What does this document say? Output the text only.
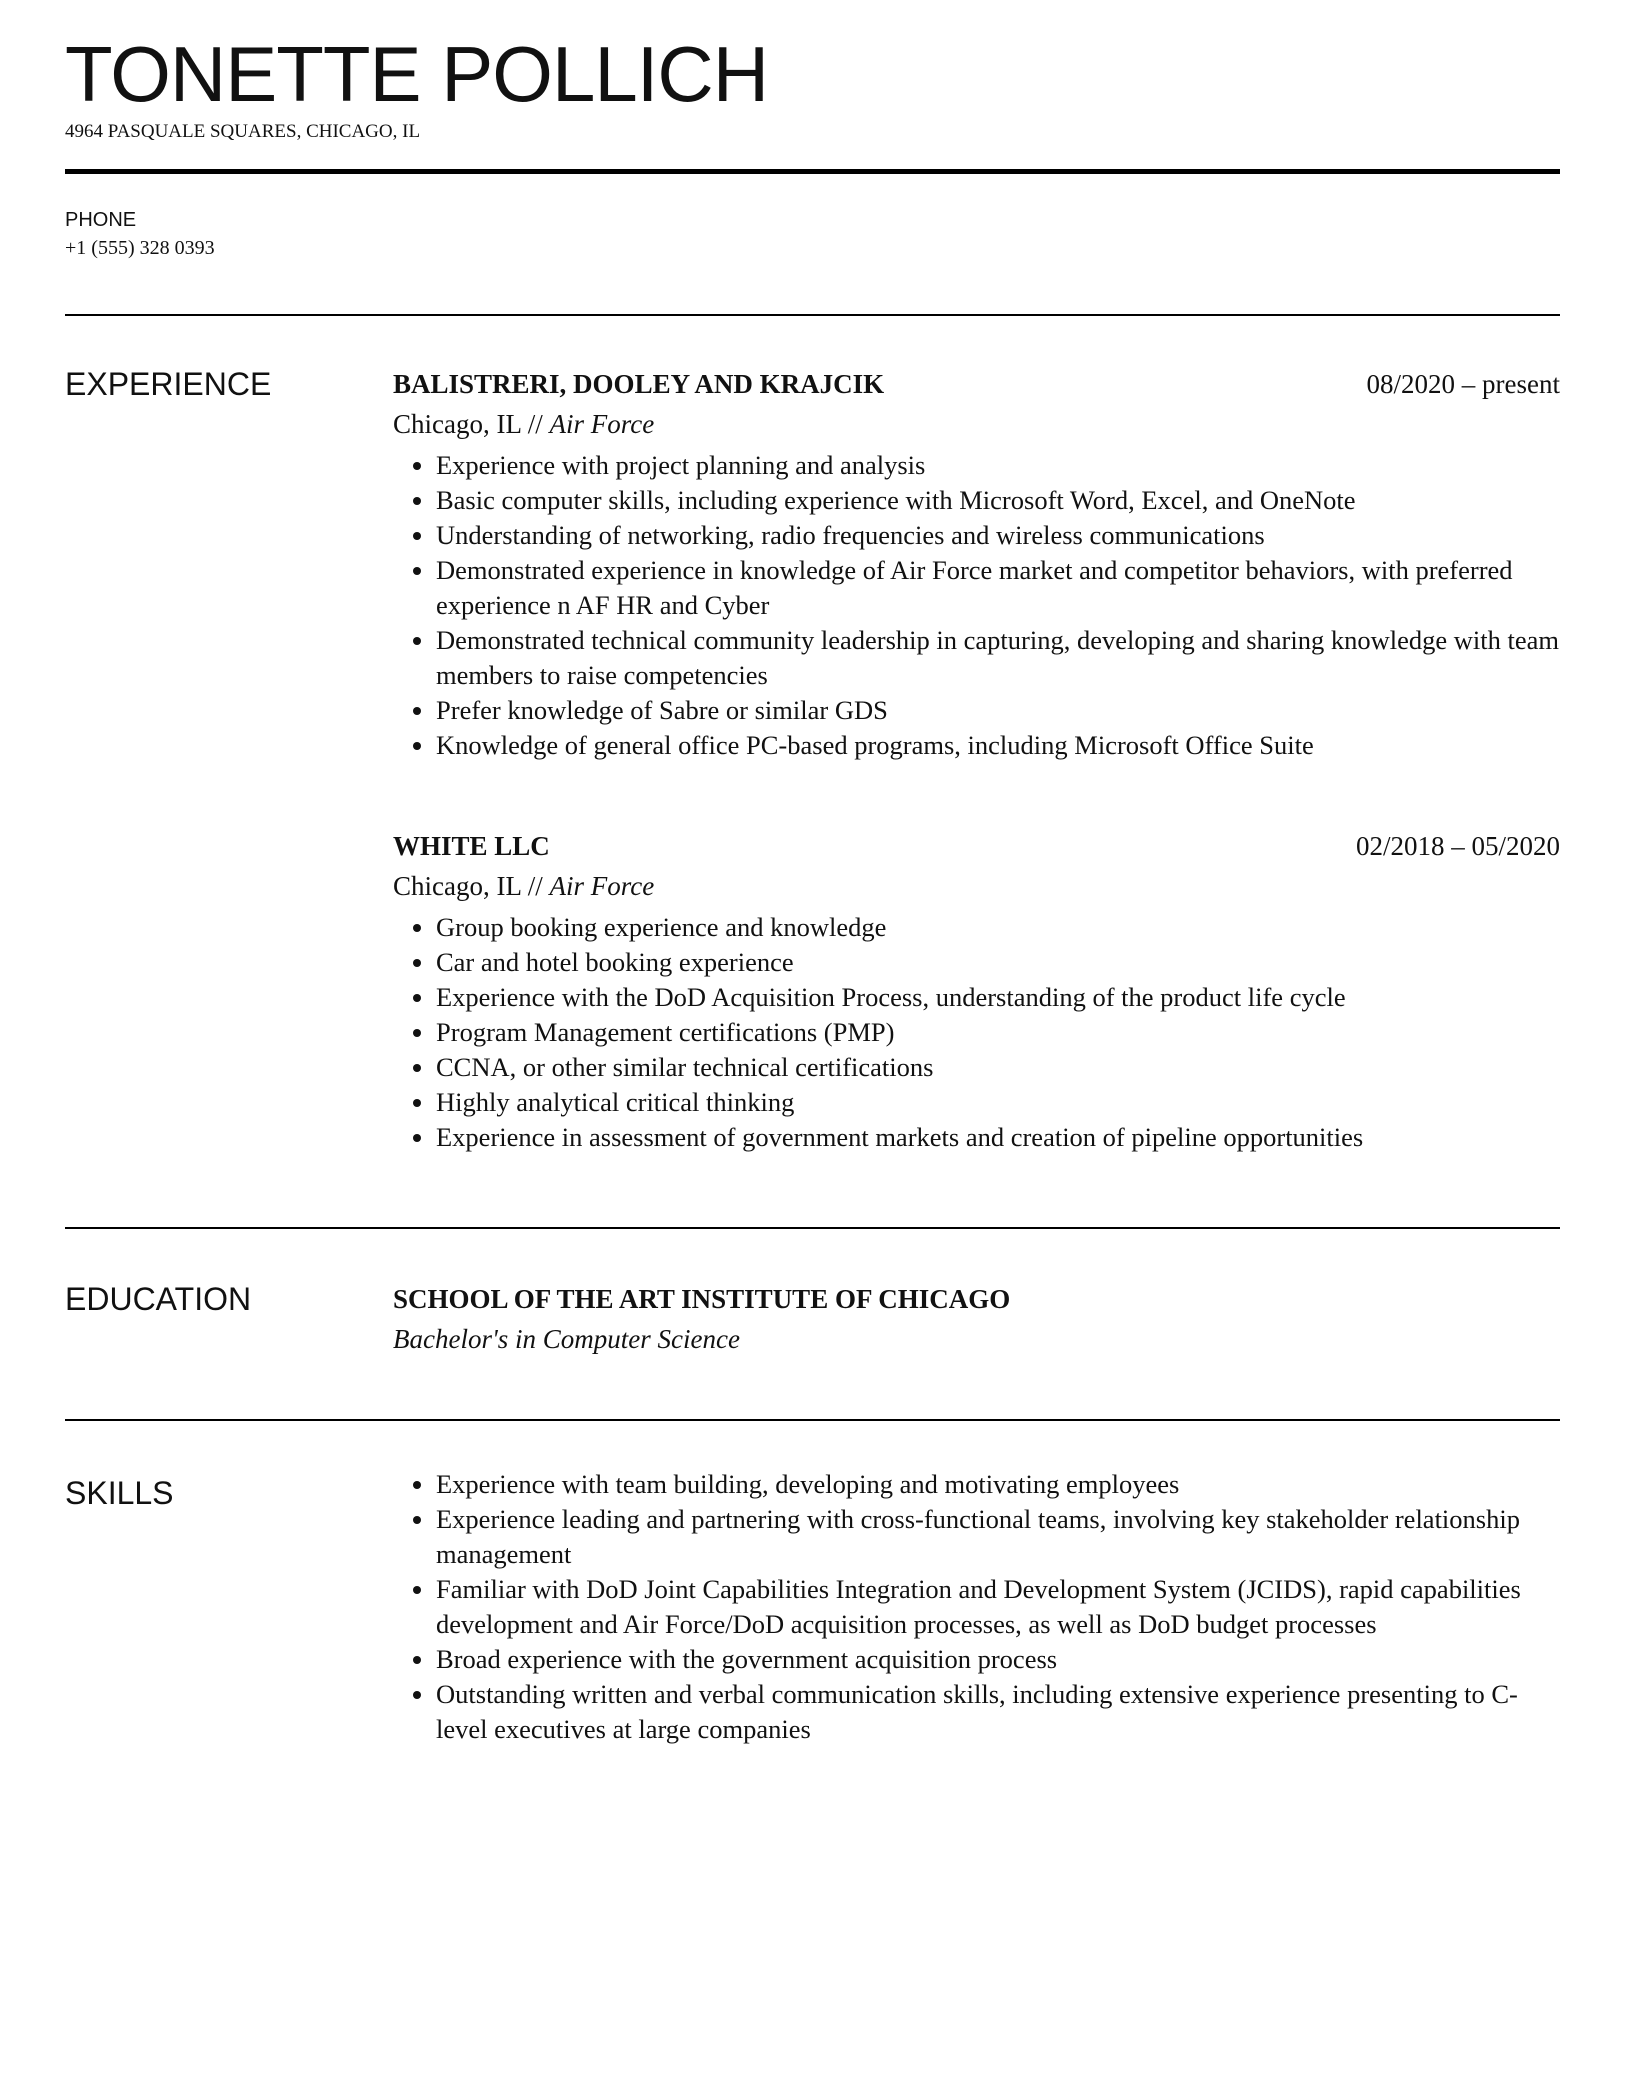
TONETTE POLLICH
4964 PASQUALE SQUARES, CHICAGO, IL
PHONE
+1 (555) 328 0393
EXPERIENCE	BALISTRERI, DOOLEY AND KRAJCIK	08/2020 – present
Chicago, IL // Air Force
• Experience with project planning and analysis
• Basic computer skills, including experience with Microsoft Word, Excel, and OneNote
• Understanding of networking, radio frequencies and wireless communications
• Demonstrated experience in knowledge of Air Force market and competitor behaviors, with preferred experience n AF HR and Cyber
• Demonstrated technical community leadership in capturing, developing and sharing knowledge with team members to raise competencies
• Prefer knowledge of Sabre or similar GDS
• Knowledge of general office PC-based programs, including Microsoft Office Suite
WHITE LLC	02/2018 – 05/2020
Chicago, IL // Air Force
• Group booking experience and knowledge
• Car and hotel booking experience
• Experience with the DoD Acquisition Process, understanding of the product life cycle
• Program Management certifications (PMP)
• CCNA, or other similar technical certifications
• Highly analytical critical thinking
• Experience in assessment of government markets and creation of pipeline opportunities
EDUCATION	SCHOOL OF THE ART INSTITUTE OF CHICAGO
Bachelor's in Computer Science
SKILLS	• Experience with team building, developing and motivating employees
• Experience leading and partnering with cross-functional teams, involving key stakeholder relationship management
• Familiar with DoD Joint Capabilities Integration and Development System (JCIDS), rapid capabilities development and Air Force/DoD acquisition processes, as well as DoD budget processes
• Broad experience with the government acquisition process
• Outstanding written and verbal communication skills, including extensive experience presenting to C-level executives at large companies
